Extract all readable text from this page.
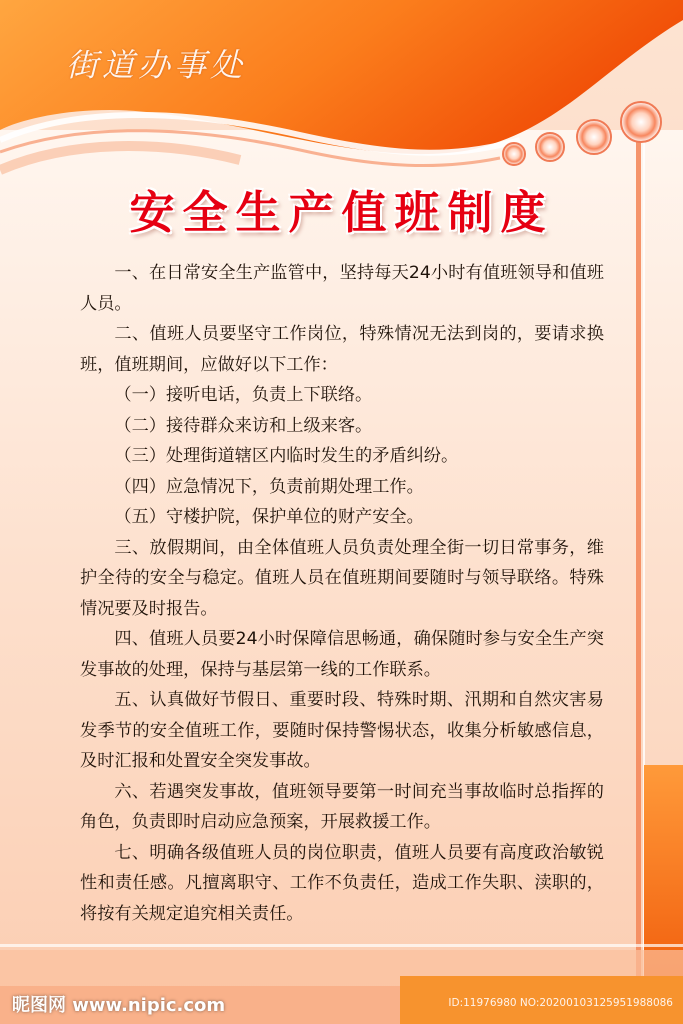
街道办事处
安全生产值班制度

一、在日常安全生产监管中，坚持每天24小时有值班领导和值班人员。

二、值班人员要坚守工作岗位，特殊情况无法到岗的，要请求换班，值班期间，应做好以下工作：

（一）接听电话，负责上下联络。

（二）接待群众来访和上级来客。

（三）处理街道辖区内临时发生的矛盾纠纷。

（四）应急情况下，负责前期处理工作。

（五）守楼护院，保护单位的财产安全。

三、放假期间，由全体值班人员负责处理全街一切日常事务，维护全待的安全与稳定。值班人员在值班期间要随时与领导联络。特殊情况要及时报告。

四、值班人员要24小时保障信思畅通，确保随时参与安全生产突发事故的处理，保持与基层第一线的工作联系。

五、认真做好节假日、重要时段、特殊时期、汛期和自然灾害易发季节的安全值班工作，要随时保持警惕状态，收集分析敏感信息，及时汇报和处置安全突发事故。

六、若遇突发事故，值班领导要第一时间充当事故临时总指挥的角色，负责即时启动应急预案，开展救援工作。

七、明确各级值班人员的岗位职责，值班人员要有高度政治敏锐性和责任感。凡擅离职守、工作不负责任，造成工作失职、渎职的，将按有关规定追究相关责任。

昵图网 www.nipic.com	ID:11976980 NO:20200103125951988086
